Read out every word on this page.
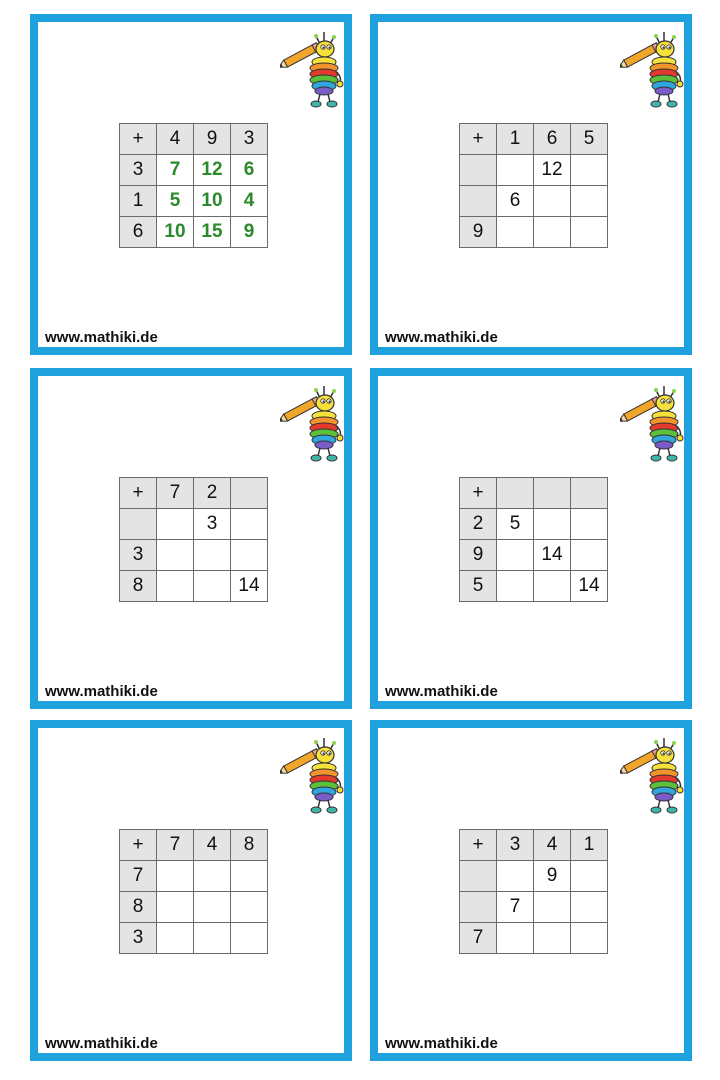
+	4	9	3
3	7	12	6
1	5	10	4
6	10	15	9
www.mathiki.de
+	1	6	5
		12	
	6		
9			
www.mathiki.de
+	7	2	
		3	
3			
8			14
www.mathiki.de
+			
2	5		
9		14	
5			14
www.mathiki.de
+	7	4	8
7			
8			
3			
www.mathiki.de
+	3	4	1
		9	
	7		
7			
www.mathiki.de
